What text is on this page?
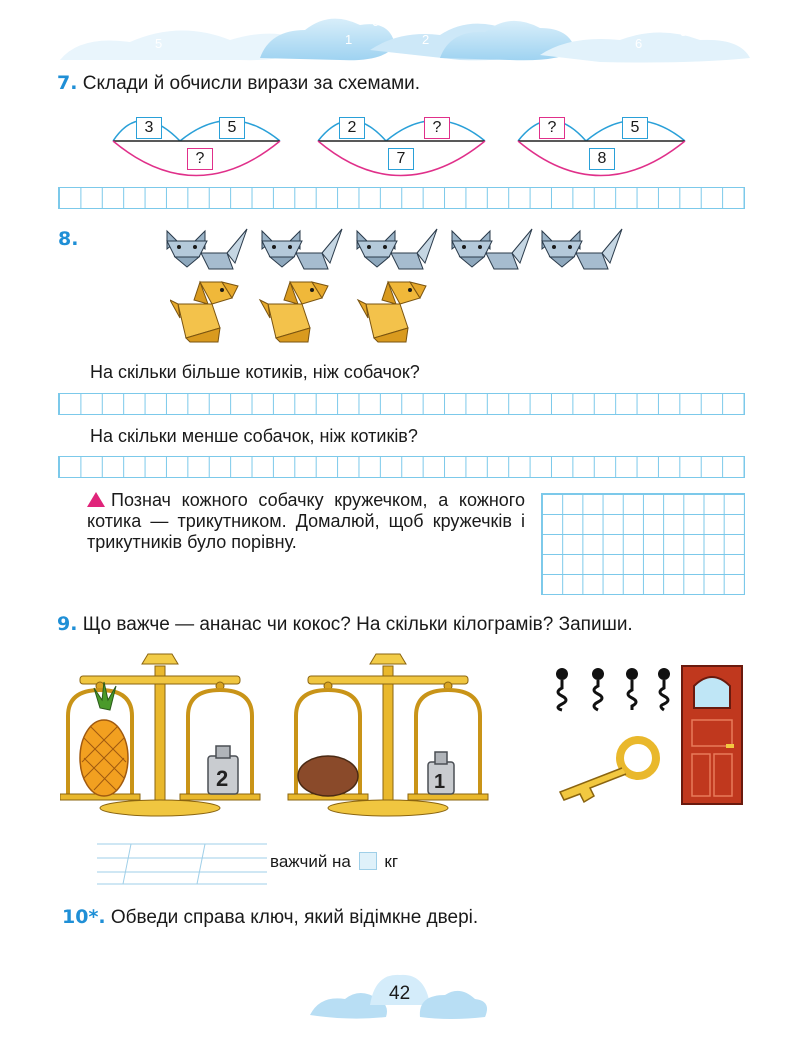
7
5
3
1
0
2
4
6
8
7. Склади й обчисли вирази за схемами.
3	5
?
2	?
7
?	5
8
8.
На скільки більше котиків, ніж собачок?
На скільки менше собачок, ніж котиків?
Познач кожного собачку кружечком, а кожного котика — трикутником. Домалюй, щоб кружечків і трикутників було порівну.
9. Що важче — ананас чи кокос? На скільки кілограмів? Запиши.
2	1
важчий на кг
10*. Обведи справа ключ, який відімкне двері.
42
